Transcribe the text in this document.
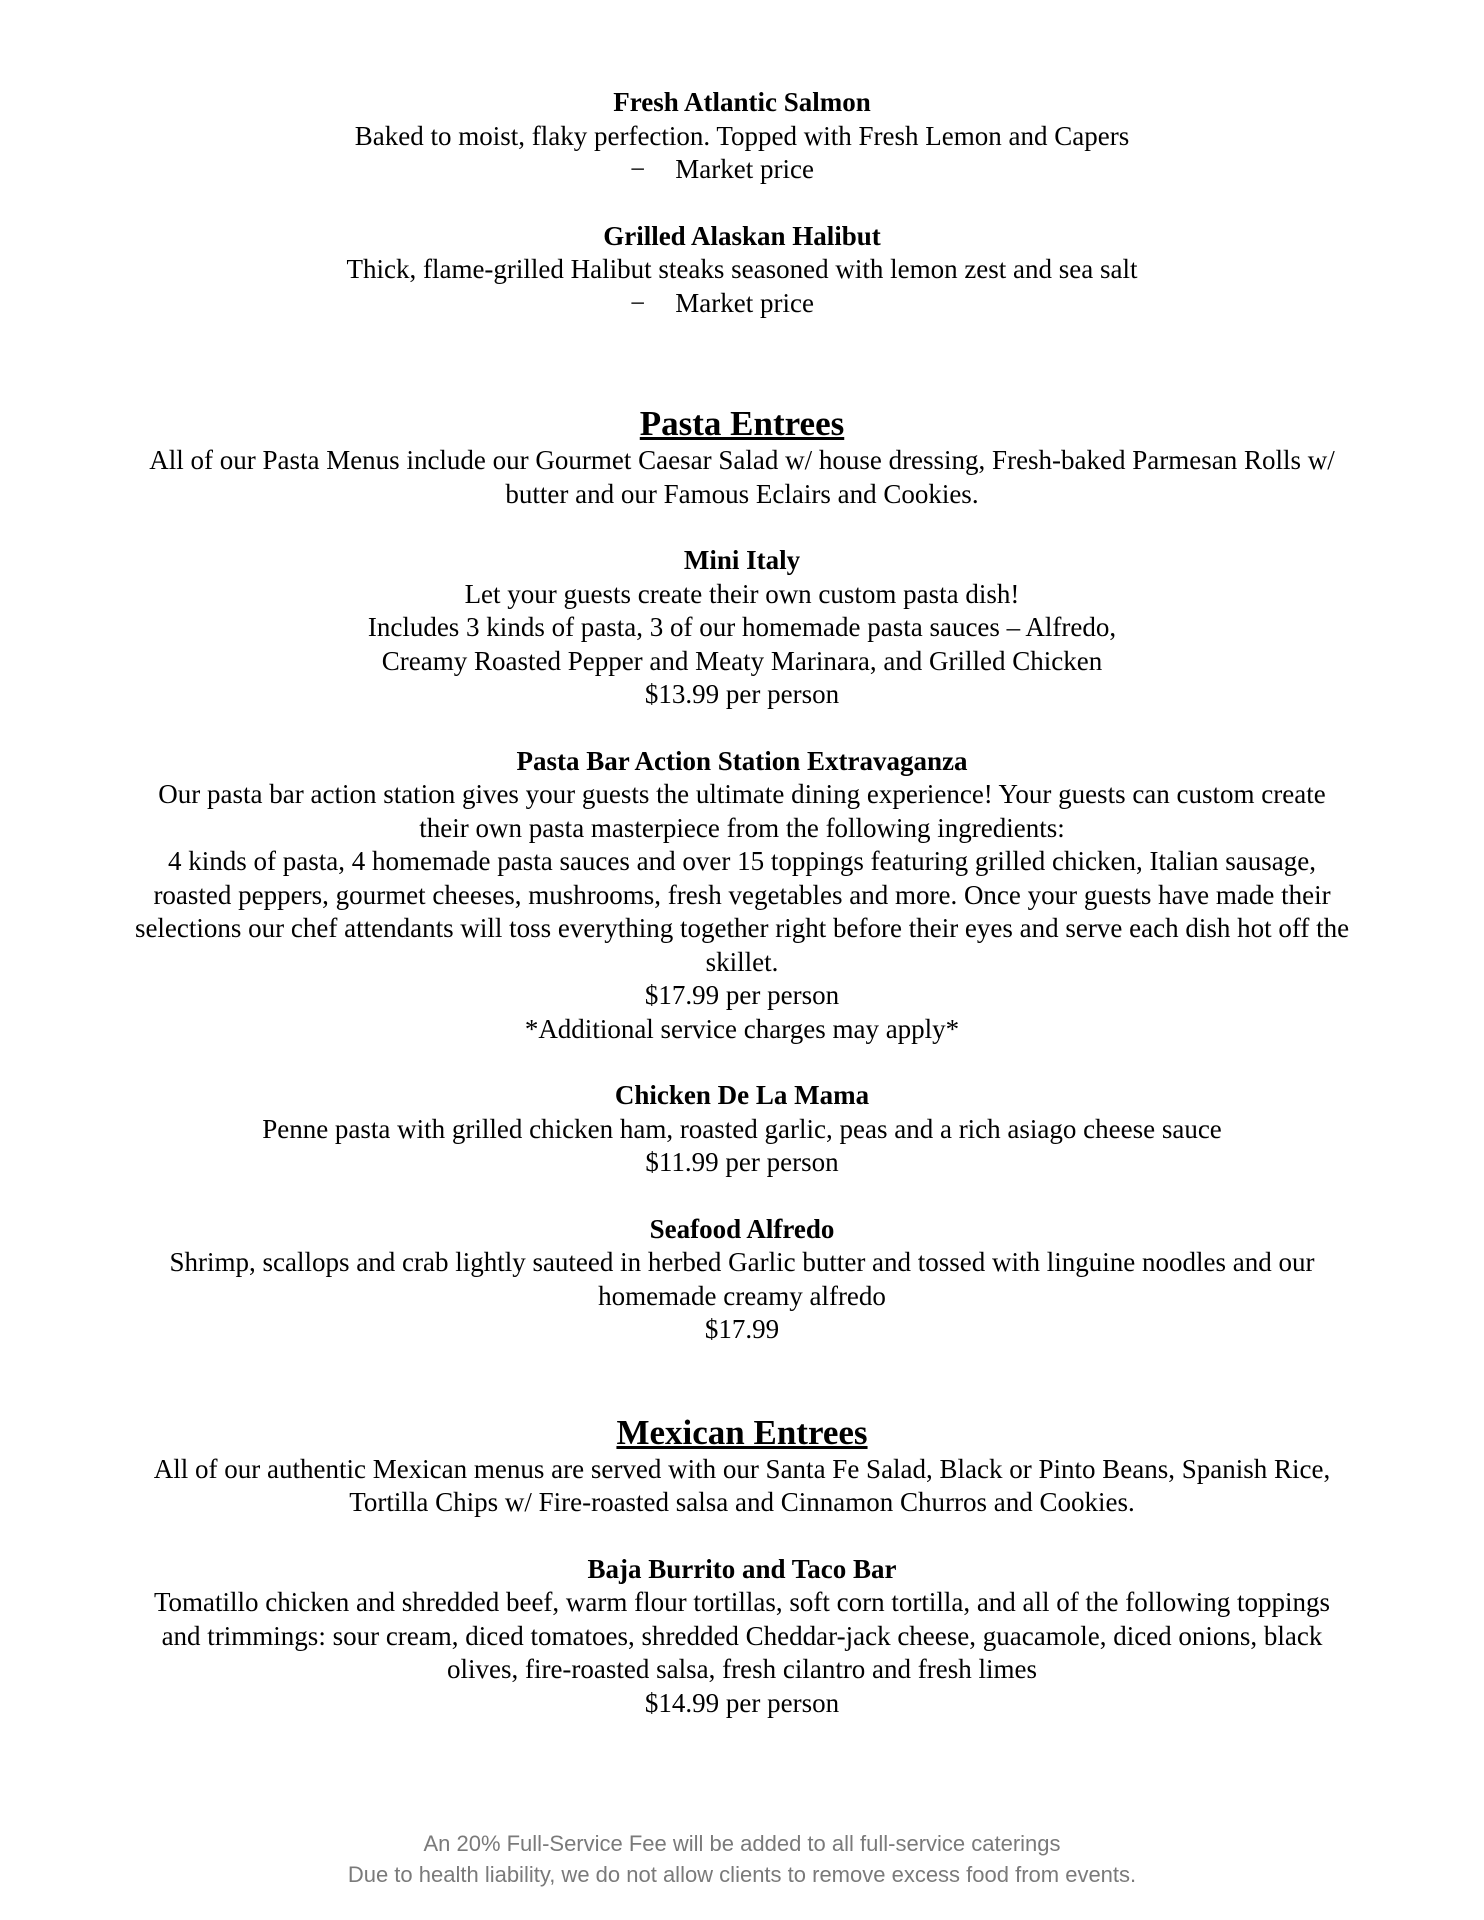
Fresh Atlantic Salmon
Baked to moist, flaky perfection. Topped with Fresh Lemon and Capers
− Market price
Grilled Alaskan Halibut
Thick, flame-grilled Halibut steaks seasoned with lemon zest and sea salt
− Market price
Pasta Entrees
All of our Pasta Menus include our Gourmet Caesar Salad w/ house dressing, Fresh-baked Parmesan Rolls w/
butter and our Famous Eclairs and Cookies.
Mini Italy
Let your guests create their own custom pasta dish!
Includes 3 kinds of pasta, 3 of our homemade pasta sauces – Alfredo,
Creamy Roasted Pepper and Meaty Marinara, and Grilled Chicken
$13.99 per person
Pasta Bar Action Station Extravaganza
Our pasta bar action station gives your guests the ultimate dining experience! Your guests can custom create
their own pasta masterpiece from the following ingredients:
4 kinds of pasta, 4 homemade pasta sauces and over 15 toppings featuring grilled chicken, Italian sausage,
roasted peppers, gourmet cheeses, mushrooms, fresh vegetables and more. Once your guests have made their
selections our chef attendants will toss everything together right before their eyes and serve each dish hot off the
skillet.
$17.99 per person
*Additional service charges may apply*
Chicken De La Mama
Penne pasta with grilled chicken ham, roasted garlic, peas and a rich asiago cheese sauce
$11.99 per person
Seafood Alfredo
Shrimp, scallops and crab lightly sauteed in herbed Garlic butter and tossed with linguine noodles and our
homemade creamy alfredo
$17.99
Mexican Entrees
All of our authentic Mexican menus are served with our Santa Fe Salad, Black or Pinto Beans, Spanish Rice,
Tortilla Chips w/ Fire-roasted salsa and Cinnamon Churros and Cookies.
Baja Burrito and Taco Bar
Tomatillo chicken and shredded beef, warm flour tortillas, soft corn tortilla, and all of the following toppings
and trimmings: sour cream, diced tomatoes, shredded Cheddar-jack cheese, guacamole, diced onions, black
olives, fire-roasted salsa, fresh cilantro and fresh limes
$14.99 per person
An 20% Full-Service Fee will be added to all full-service caterings
Due to health liability, we do not allow clients to remove excess food from events.
